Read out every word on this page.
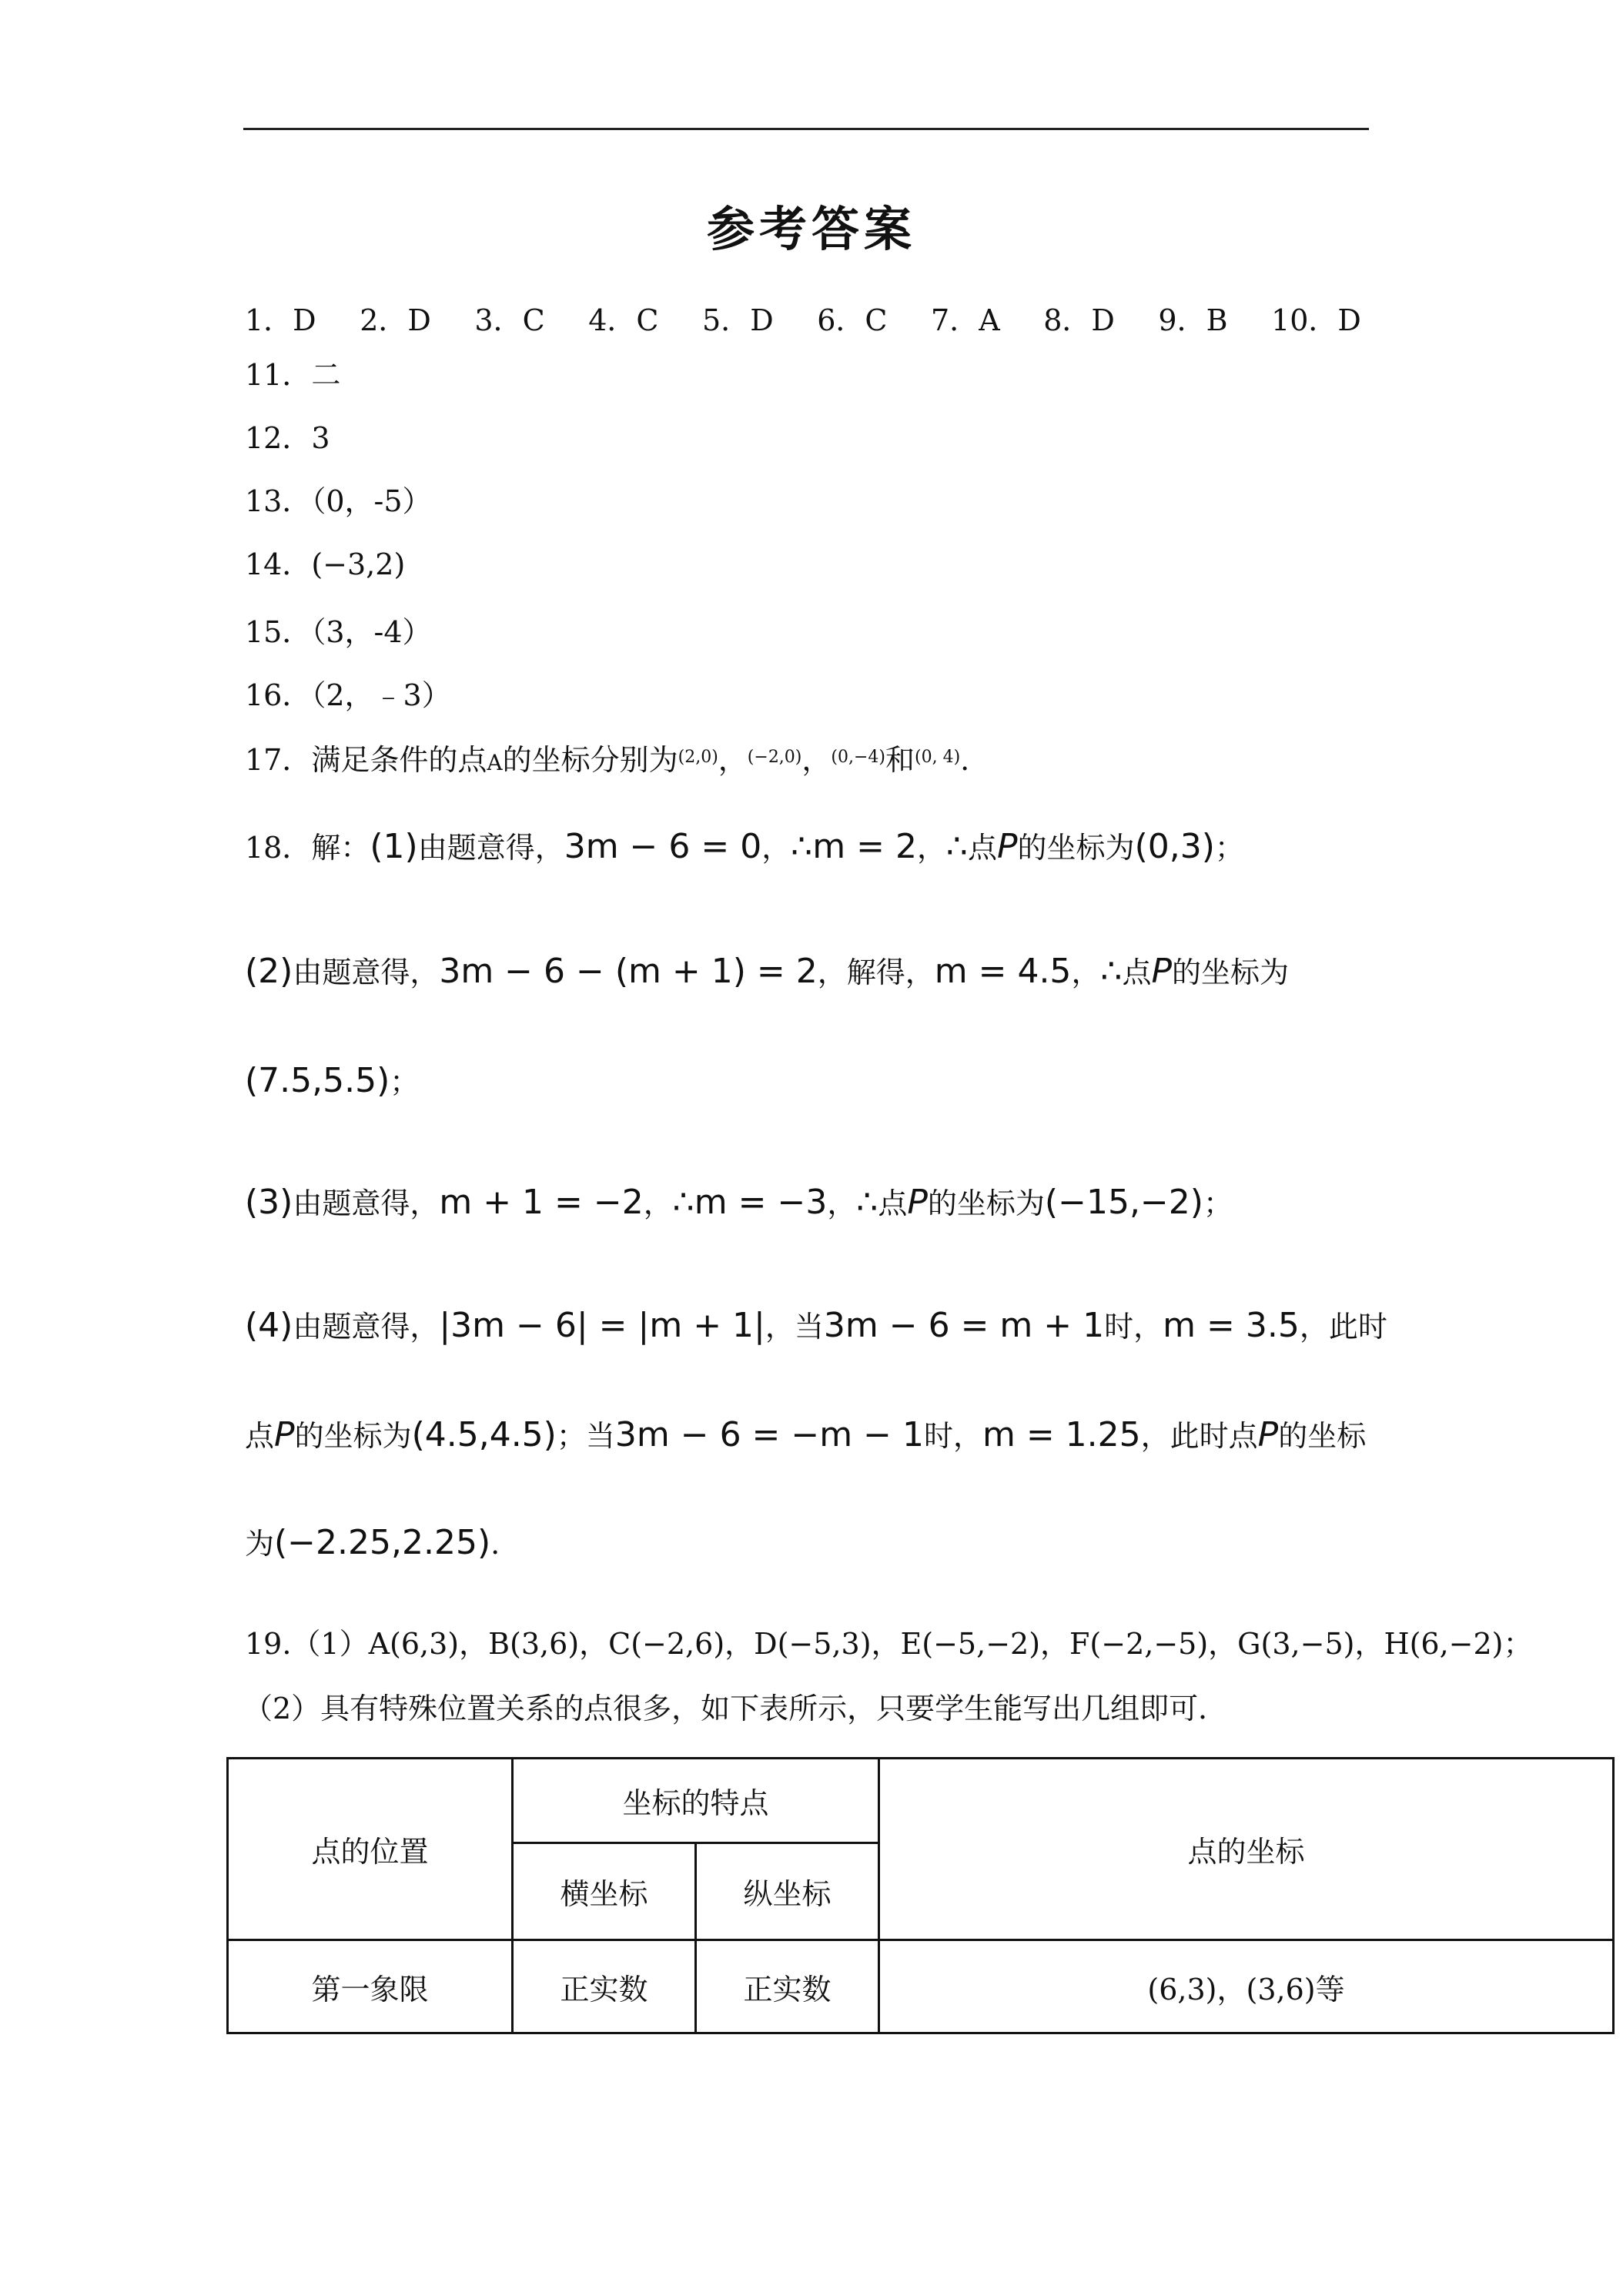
参考答案
1．D 2．D 3．C 4．C 5．D 6．C 7．A 8．D 9．B 10．D
11．二
12．3
13．（0，-5）
14．(−3,2)
15．（3，-4）
16．（2，﹣3）
17．满足条件的点A的坐标分别为$^{(2,0)}$，$^{(-2,0)}$，$^{(0,-4)}$和$^{(0, 4)}$.
18．解：(1)由题意得，3m − 6 = 0，∴m = 2，∴点P的坐标为(0,3)；
(2)由题意得，3m − 6 − (m + 1) = 2，解得，m = 4.5，∴点P的坐标为
(7.5,5.5)；
(3)由题意得，m + 1 = −2，∴m = −3，∴点P的坐标为(−15,−2)；
(4)由题意得，|3m − 6| = |m + 1|，当3m − 6 = m + 1时，m = 3.5，此时
点P的坐标为(4.5,4.5)；当3m − 6 = −m − 1时，m = 1.25，此时点P的坐标
为(−2.25,2.25).
19.（1）A(6,3)，B(3,6)，C(−2,6)，D(−5,3)，E(−5,−2)，F(−2,−5)，G(3,−5)，H(6,−2)；
（2）具有特殊位置关系的点很多，如下表所示，只要学生能写出几组即可．
点的位置	坐标的特点		点的坐标
	横坐标	纵坐标	
第一象限	正实数	正实数	(6,3)，(3,6)等
